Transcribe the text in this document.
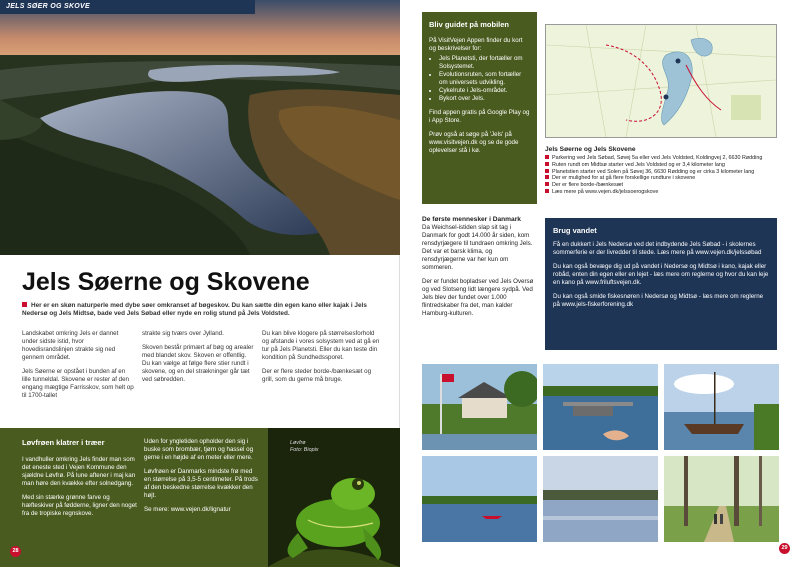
JELS SØER OG SKOVE
Jels Søerne og Skovene
Her er en skøn naturperle med dybe søer omkranset af bøgeskov. Du kan sætte din egen kano eller kajak i Jels Nedersø og Jels Midtsø, bade ved Jels Søbad eller nyde en rolig stund på Jels Voldsted.

Landskabet omkring Jels er dannet under sidste istid, hvor hovedisrandslinjen strakte sig ned gennem området.

Jels Søerne er opstået i bunden af en lille tunneldal. Skovene er rester af den engang mægtige Farrisskov, som helt op til 1700-tallet

strakte sig tværs over Jylland.

Skoven består primært af bøg og arealer med blandet skov. Skoven er offentlig. Du kan vælge at følge flere stier rundt i skovene, og en del strækninger går tæt ved søbredden.

Du kan blive klogere på størrelsesforhold og afstande i vores solsystem ved at gå en tur på Jels Planetsti. Eller du kan teste din kondition på Sundhedssporet.

Der er flere steder borde-/bænkesæt og grill, som du gerne må bruge.

Løvfrøen klatrer i træer

I vandhuller omkring Jels finder man som det eneste sted i Vejen Kommune den sjældne Løvfrø. På lune aftener i maj kan man høre den kvække efter solnedgang.

Med sin stærke grønne farve og hæfteskiver på fødderne, ligner den noget fra de tropiske regnskove.

Uden for yngletiden opholder den sig i buske som brombær, tjørn og hassel og gerne i en højde af en meter eller mere.

Løvfrøen er Danmarks mindste frø med en størrelse på 3,5-5 centimeter. På trods af den beskedne størrelse kvækker den højt.

Se mere: www.vejen.dk/lignatur

Løvfrø
Foto: Biopix
28
Bliv guidet på mobilen
På VisitVejen Appen finder du kort og beskrivelser for:
• Jels Planetsti, der fortæller om Solsystemet.
• Evolutionsruten, som fortæller om universets udvikling.
• Cykelrute i Jels-området.
• Bykort over Jels.

Find appen gratis på Google Play og i App Store.

Prøv også at søge på 'Jels' på www.visitvejen.dk og se de gode oplevelser stå i kø.	Jels Søerne og Jels Skovene
Parkering ved Jels Søbad, Søvej 5a eller ved Jels Voldsted, Koldingvej 2, 6630 Rødding
Ruten rundt om Midtsø starter ved Jels Voldsted og er 3,4 kilometer lang
Planetstien starter ved Solen på Søvej 36, 6630 Rødding og er cirka 3 kilometer lang
Der er mulighed for at gå flere forskellige rundture i skovene
Der er flere borde-/bænkesæt
Læs mere på www.vejen.dk/jelssoerogskove
De første mennesker i Danmark

Da Weichsel-istiden slap sit tag i Danmark for godt 14.000 år siden, kom rensdyrjægere til tundraen omkring Jels. Det var et barsk klima, og rensdyrjægerne var her kun om sommeren.

Der er fundet bopladser ved Jels Oversø og ved Slotseng lidt længere sydpå. Ved Jels blev der fundet over 1.000 flintredskaber fra det, man kalder Hamburg-kulturen.

Brug vandet

Få en dukkert i Jels Nedersø ved det indbydende Jels Søbad - i skolernes sommerferie er der livredder til stede. Læs mere på www.vejen.dk/jelssøbad

Du kan også bevæge dig ud på vandet i Nedersø og Midtsø i kano, kajak eller robåd, enten din egen eller en lejet - læs mere om reglerne og hvor du kan leje en kano på www.friluftsvejen.dk.

Du kan også smide fiskesnøren i Nedersø og Midtsø - læs mere om reglerne på www.jels-fiskerforening.dk

29
